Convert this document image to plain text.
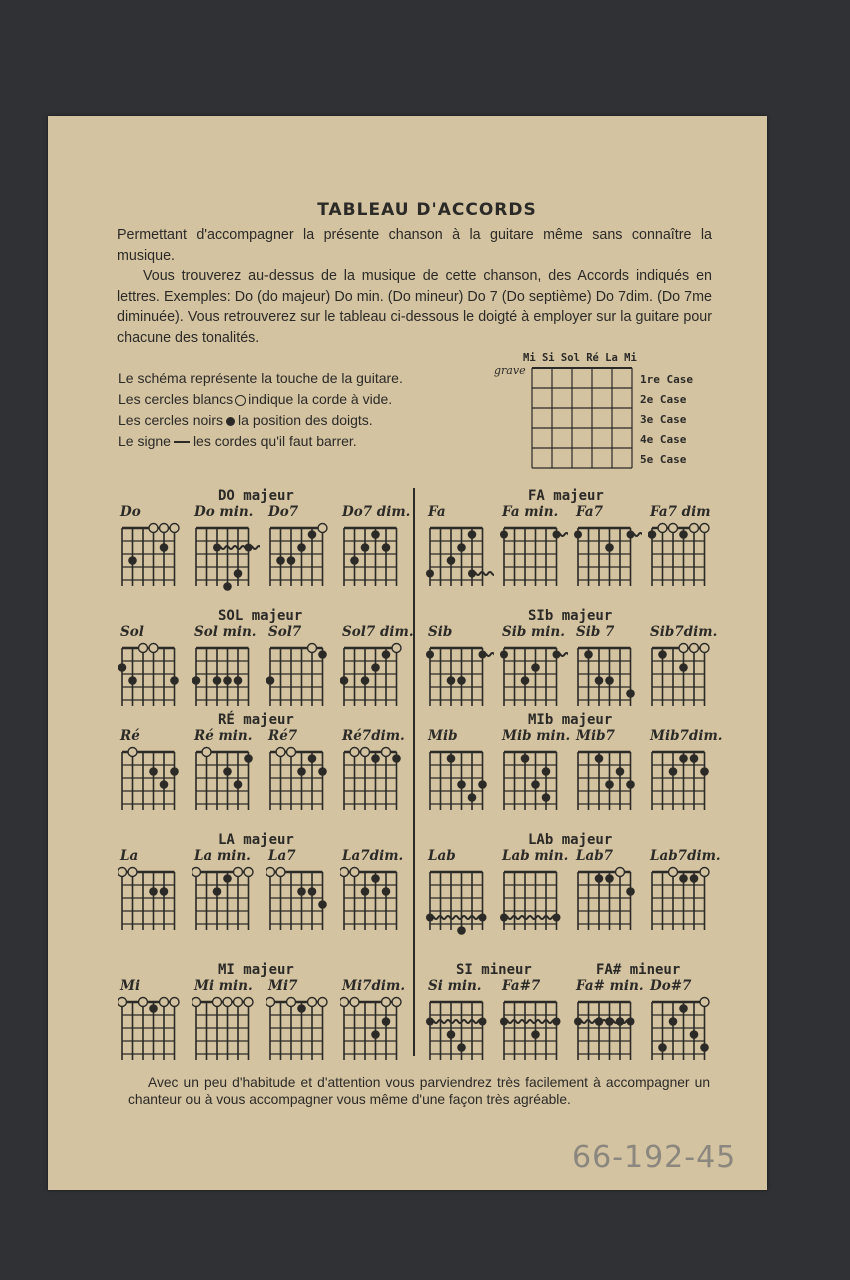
TABLEAU D'ACCORDS

Permettant d'accompagner la présente chanson à la guitare même sans connaître la musique.

Vous trouverez au-dessus de la musique de cette chanson, des Accords indiqués en lettres. Exemples: Do (do majeur) Do min. (Do mineur) Do 7 (Do septième) Do 7dim. (Do 7me diminuée). Vous retrouverez sur le tableau ci-dessous le doigté à employer sur la guitare pour chacune des tonalités.

Le schéma représente la touche de la guitare.

Les cercles blancs indique la corde à vide.

Les cercles noirs la position des doigts.

Le signe les cordes qu'il faut barrer.

Mi Si Sol Ré La Mi
grave
1re Case
2e Case
3e Case
4e Case
5e Case
DO majeur
Do	Do min. Do7	Do7 dim.
FA majeur
Fa	Fa min. Fa7	Fa7 dim
SOL majeur
Sol	Sol min. Sol7	Sol7 dim.
SIb majeur
Sib	Sib min. Sib 7	Sib7dim.
RÉ majeur
Ré	Ré min. Ré7	Ré7dim.
MIb majeur
Mib	Mib min. Mib7	Mib7dim.
LA majeur
La	La min. La7	La7dim.
LAb majeur
Lab	Lab min. Lab7	Lab7dim.
MI majeur
Mi	Mi min. Mi7	Mi7dim.
SI mineur
Si min. Fa#7	Fa# min. Do#7
FA# mineur

Avec un peu d'habitude et d'attention vous parviendrez très facilement à accompagner un chanteur ou à vous accompagner vous même d'une façon très agréable.

66-192-45
